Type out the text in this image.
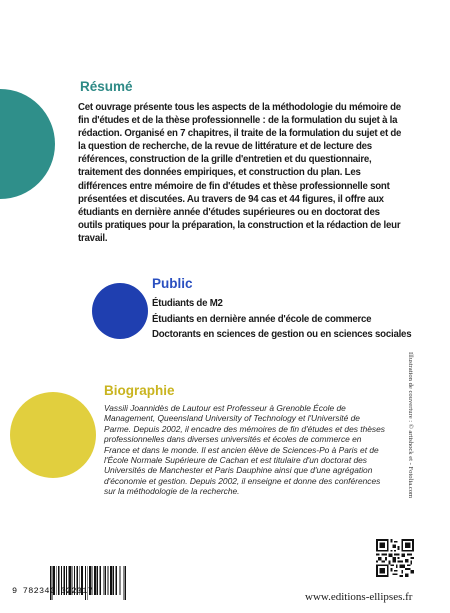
Résumé

Cet ouvrage présente tous les aspects de la méthodologie du mémoire de fin d'études et de la thèse professionnelle : de la formulation du sujet à la rédaction. Organisé en 7 chapitres, il traite de la formulation du sujet et de la question de recherche, de la revue de littérature et de lecture des références, construction de la grille d'entretien et du questionnaire, traitement des données empiriques, et construction du plan. Les différences entre mémoire de fin d'études et thèse professionnelle sont présentées et discutées. Au travers de 94 cas et 44 figures, il offre aux étudiants en dernière année d'études supérieures ou en doctorat des outils pratiques pour la préparation, la construction et la rédaction de leur travail.

Public
Étudiants de M2
Étudiants en dernière année d'école de commerce
Doctorants en sciences de gestion ou en sciences sociales
Biographie

Vassili Joannidès de Lautour est Professeur à Grenoble École de Management, Queensland University of Technology et l'Université de Parme. Depuis 2002, il encadre des mémoires de fin d'études et des thèses professionnelles dans diverses universités et écoles de commerce en France et dans le monde. Il est ancien élève de Sciences-Po à Paris et de l'École Normale Supérieure de Cachan et est titulaire d'un doctorat des Universités de Manchester et Paris Dauphine ainsi que d'une agrégation d'économie et gestion. Depuis 2002, il enseigne et donne des conférences sur la méthodologie de la recherche.	Illustration de couverture : © artishock et - Fotolia.com
9 782340 022317	www.editions-ellipses.fr
